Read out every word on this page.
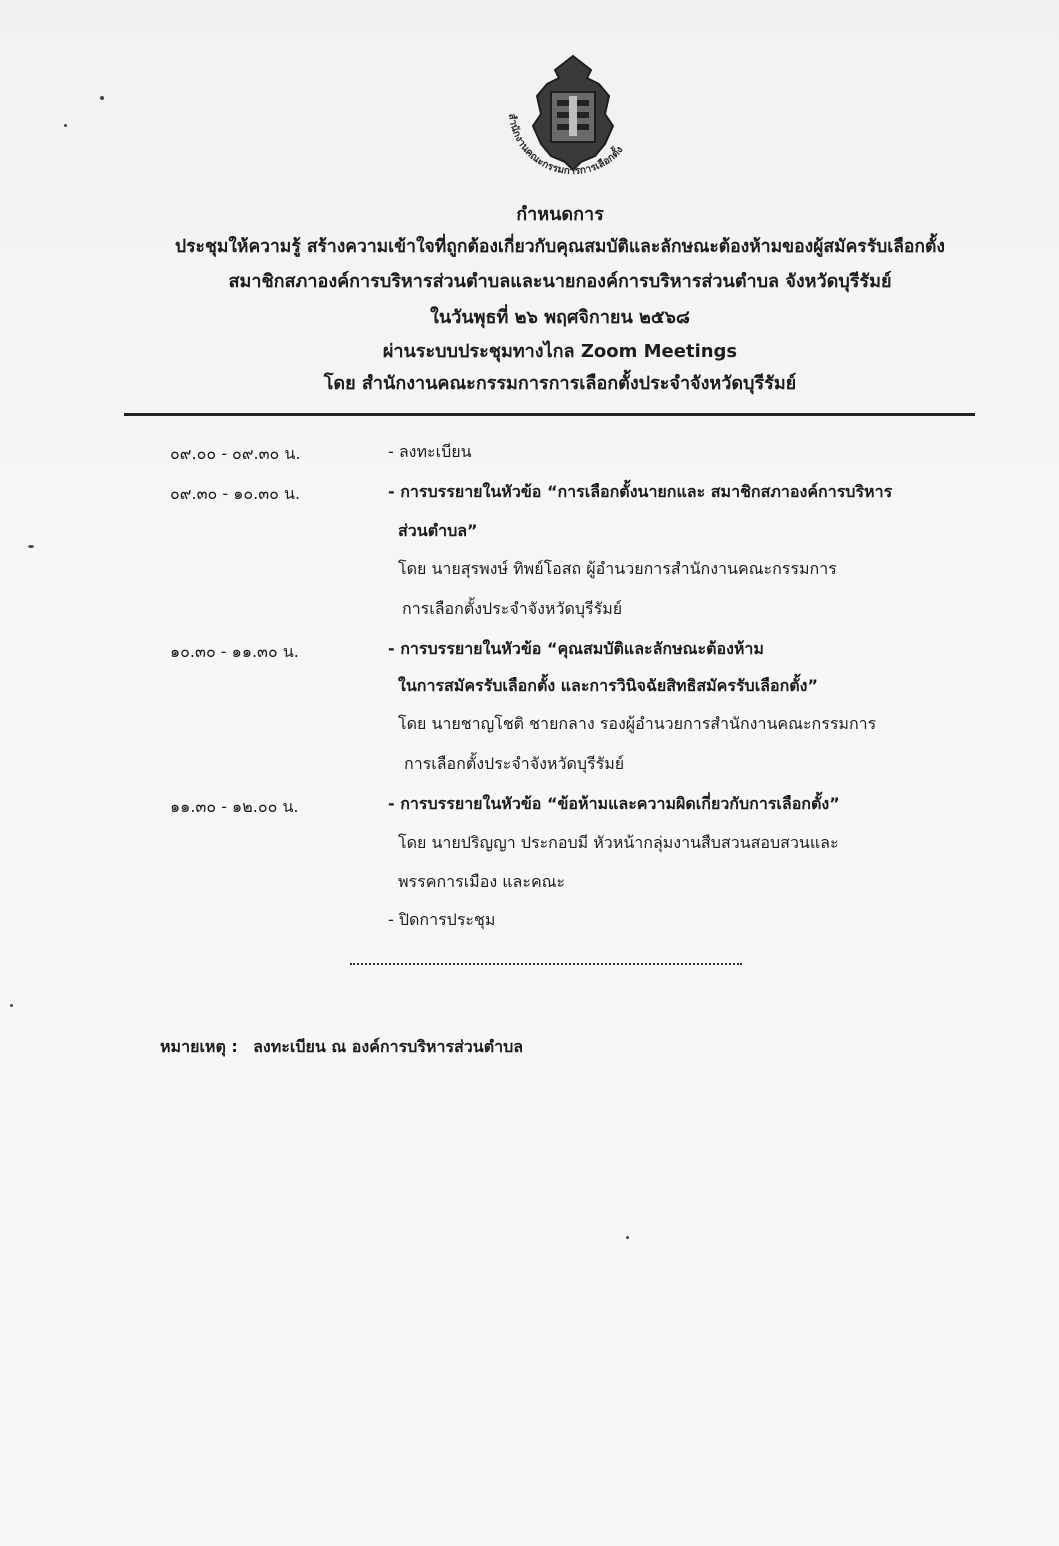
สำนักงานคณะกรรมการการเลือกตั้ง
กำหนดการ
ประชุมให้ความรู้ สร้างความเข้าใจที่ถูกต้องเกี่ยวกับคุณสมบัติและลักษณะต้องห้ามของผู้สมัครรับเลือกตั้ง
สมาชิกสภาองค์การบริหารส่วนตำบลและนายกองค์การบริหารส่วนตำบล จังหวัดบุรีรัมย์
ในวันพุธที่ ๒๖ พฤศจิกายน ๒๕๖๘
ผ่านระบบประชุมทางไกล Zoom Meetings
โดย สำนักงานคณะกรรมการการเลือกตั้งประจำจังหวัดบุรีรัมย์
๐๙.๐๐ - ๐๙.๓๐ น.	- ลงทะเบียน
๐๙.๓๐ - ๑๐.๓๐ น.	- การบรรยายในหัวข้อ “การเลือกตั้งนายกและ สมาชิกสภาองค์การบริหาร
ส่วนตำบล”
โดย นายสุรพงษ์ ทิพย์โอสถ ผู้อำนวยการสำนักงานคณะกรรมการ
การเลือกตั้งประจำจังหวัดบุรีรัมย์
๑๐.๓๐ - ๑๑.๓๐ น.	- การบรรยายในหัวข้อ “คุณสมบัติและลักษณะต้องห้าม
ในการสมัครรับเลือกตั้ง และการวินิจฉัยสิทธิสมัครรับเลือกตั้ง”
โดย นายชาญโชติ ชายกลาง รองผู้อำนวยการสำนักงานคณะกรรมการ
การเลือกตั้งประจำจังหวัดบุรีรัมย์
๑๑.๓๐ - ๑๒.๐๐ น.	- การบรรยายในหัวข้อ “ข้อห้ามและความผิดเกี่ยวกับการเลือกตั้ง”
โดย นายปริญญา ประกอบมี หัวหน้ากลุ่มงานสืบสวนสอบสวนและ
พรรคการเมือง และคณะ
- ปิดการประชุม
หมายเหตุ : ลงทะเบียน ณ องค์การบริหารส่วนตำบล
